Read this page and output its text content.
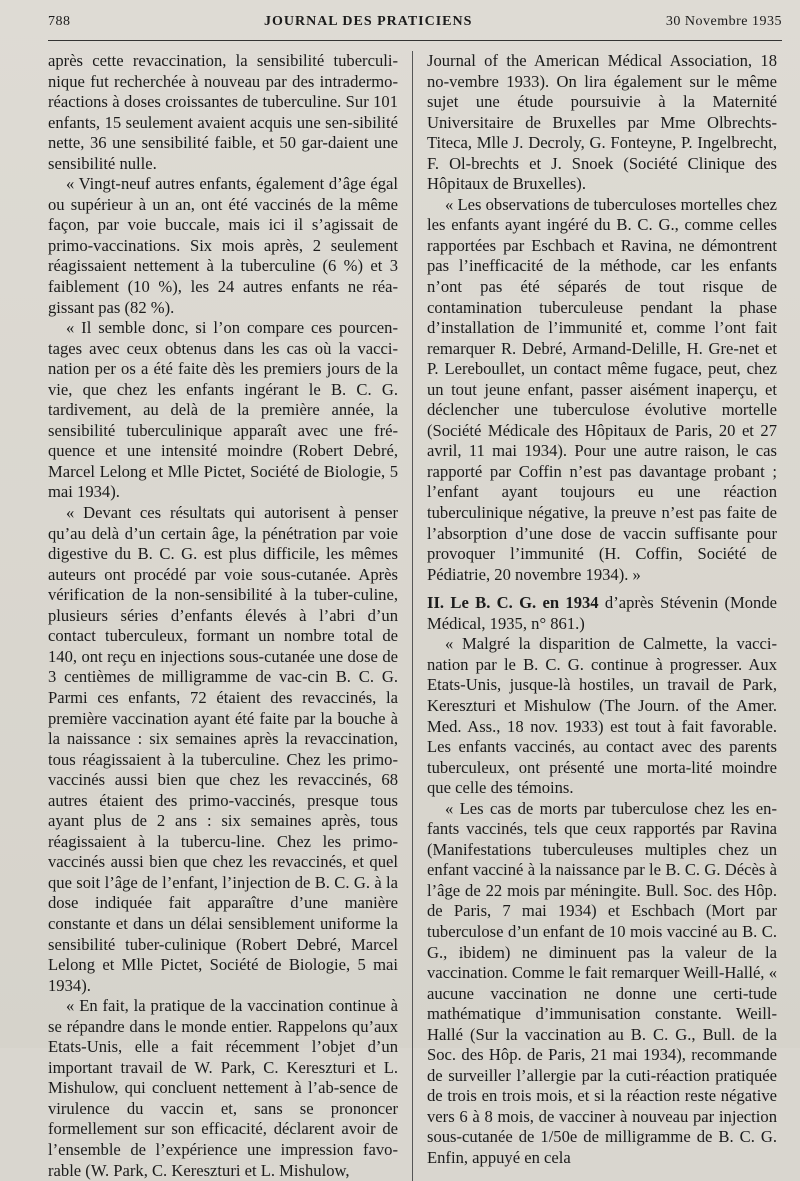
788	JOURNAL DES PRATICIENS	30 Novembre 1935

après cette revaccination, la sensibilité tuberculi-nique fut recherchée à nouveau par des intradermo-réactions à doses croissantes de tuberculine. Sur 101 enfants, 15 seulement avaient acquis une sen-sibilité nette, 36 une sensibilité faible, et 50 gar-daient une sensibilité nulle.

« Vingt-neuf autres enfants, également d’âge égal ou supérieur à un an, ont été vaccinés de la même façon, par voie buccale, mais ici il s’agissait de primo-vaccinations. Six mois après, 2 seulement réagissaient nettement à la tuberculine (6 %) et 3 faiblement (10 %), les 24 autres enfants ne réa-gissant pas (82 %).

« Il semble donc, si l’on compare ces pourcen-tages avec ceux obtenus dans les cas où la vacci-nation per os a été faite dès les premiers jours de la vie, que chez les enfants ingérant le B. C. G. tardivement, au delà de la première année, la sensibilité tuberculinique apparaît avec une fré-quence et une intensité moindre (Robert Debré, Marcel Lelong et Mlle Pictet, Société de Biologie, 5 mai 1934).

« Devant ces résultats qui autorisent à penser qu’au delà d’un certain âge, la pénétration par voie digestive du B. C. G. est plus difficile, les mêmes auteurs ont procédé par voie sous-cutanée. Après vérification de la non-sensibilité à la tuber-culine, plusieurs séries d’enfants élevés à l’abri d’un contact tuberculeux, formant un nombre total de 140, ont reçu en injections sous-cutanée une dose de 3 centièmes de milligramme de vac-cin B. C. G. Parmi ces enfants, 72 étaient des revaccinés, la première vaccination ayant été faite par la bouche à la naissance : six semaines après la revaccination, tous réagissaient à la tuberculine. Chez les primo-vaccinés aussi bien que chez les revaccinés, 68 autres étaient des primo-vaccinés, presque tous ayant plus de 2 ans : six semaines après, tous réagissaient à la tubercu-line. Chez les primo-vaccinés aussi bien que chez les revaccinés, et quel que soit l’âge de l’enfant, l’injection de B. C. G. à la dose indiquée fait apparaître d’une manière constante et dans un délai sensiblement uniforme la sensibilité tuber-culinique (Robert Debré, Marcel Lelong et Mlle Pictet, Société de Biologie, 5 mai 1934).

« En fait, la pratique de la vaccination continue à se répandre dans le monde entier. Rappelons qu’aux Etats-Unis, elle a fait récemment l’objet d’un important travail de W. Park, C. Kereszturi et L. Mishulow, qui concluent nettement à l’ab-sence de virulence du vaccin et, sans se prononcer formellement sur son efficacité, déclarent avoir de l’ensemble de l’expérience une impression favo-rable (W. Park, C. Kereszturi et L. Mishulow,

Journal of the American Médical Association, 18 no-vembre 1933). On lira également sur le même sujet une étude poursuivie à la Maternité Universitaire de Bruxelles par Mme Olbrechts-Titeca, Mlle J. Decroly, G. Fonteyne, P. Ingelbrecht, F. Ol-brechts et J. Snoek (Société Clinique des Hôpitaux de Bruxelles).

« Les observations de tuberculoses mortelles chez les enfants ayant ingéré du B. C. G., comme celles rapportées par Eschbach et Ravina, ne démontrent pas l’inefficacité de la méthode, car les enfants n’ont pas été séparés de tout risque de contamination tuberculeuse pendant la phase d’installation de l’immunité et, comme l’ont fait remarquer R. Debré, Armand-Delille, H. Gre-net et P. Lereboullet, un contact même fugace, peut, chez un tout jeune enfant, passer aisément inaperçu, et déclencher une tuberculose évolutive mortelle (Société Médicale des Hôpitaux de Paris, 20 et 27 avril, 11 mai 1934). Pour une autre raison, le cas rapporté par Coffin n’est pas davantage probant ; l’enfant ayant toujours eu une réaction tuberculinique négative, la preuve n’est pas faite de l’absorption d’une dose de vaccin suffisante pour provoquer l’immunité (H. Coffin, Société de Pédiatrie, 20 novembre 1934). »

II. Le B. C. G. en 1934 d’après Stévenin (Monde Médical, 1935, n° 861.)

« Malgré la disparition de Calmette, la vacci-nation par le B. C. G. continue à progresser. Aux Etats-Unis, jusque-là hostiles, un travail de Park, Kereszturi et Mishulow (The Journ. of the Amer. Med. Ass., 18 nov. 1933) est tout à fait favorable. Les enfants vaccinés, au contact avec des parents tuberculeux, ont présenté une morta-lité moindre que celle des témoins.

« Les cas de morts par tuberculose chez les en-fants vaccinés, tels que ceux rapportés par Ravina (Manifestations tuberculeuses multiples chez un enfant vacciné à la naissance par le B. C. G. Décès à l’âge de 22 mois par méningite. Bull. Soc. des Hôp. de Paris, 7 mai 1934) et Eschbach (Mort par tuberculose d’un enfant de 10 mois vacciné au B. C. G., ibidem) ne diminuent pas la valeur de la vaccination. Comme le fait remarquer Weill-Hallé, « aucune vaccination ne donne une certi-tude mathématique d’immunisation constante. Weill-Hallé (Sur la vaccination au B. C. G., Bull. de la Soc. des Hôp. de Paris, 21 mai 1934), recommande de surveiller l’allergie par la cuti-réaction pratiquée de trois en trois mois, et si la réaction reste négative vers 6 à 8 mois, de vacciner à nouveau par injection sous-cutanée de 1/50e de milligramme de B. C. G. Enfin, appuyé en cela
